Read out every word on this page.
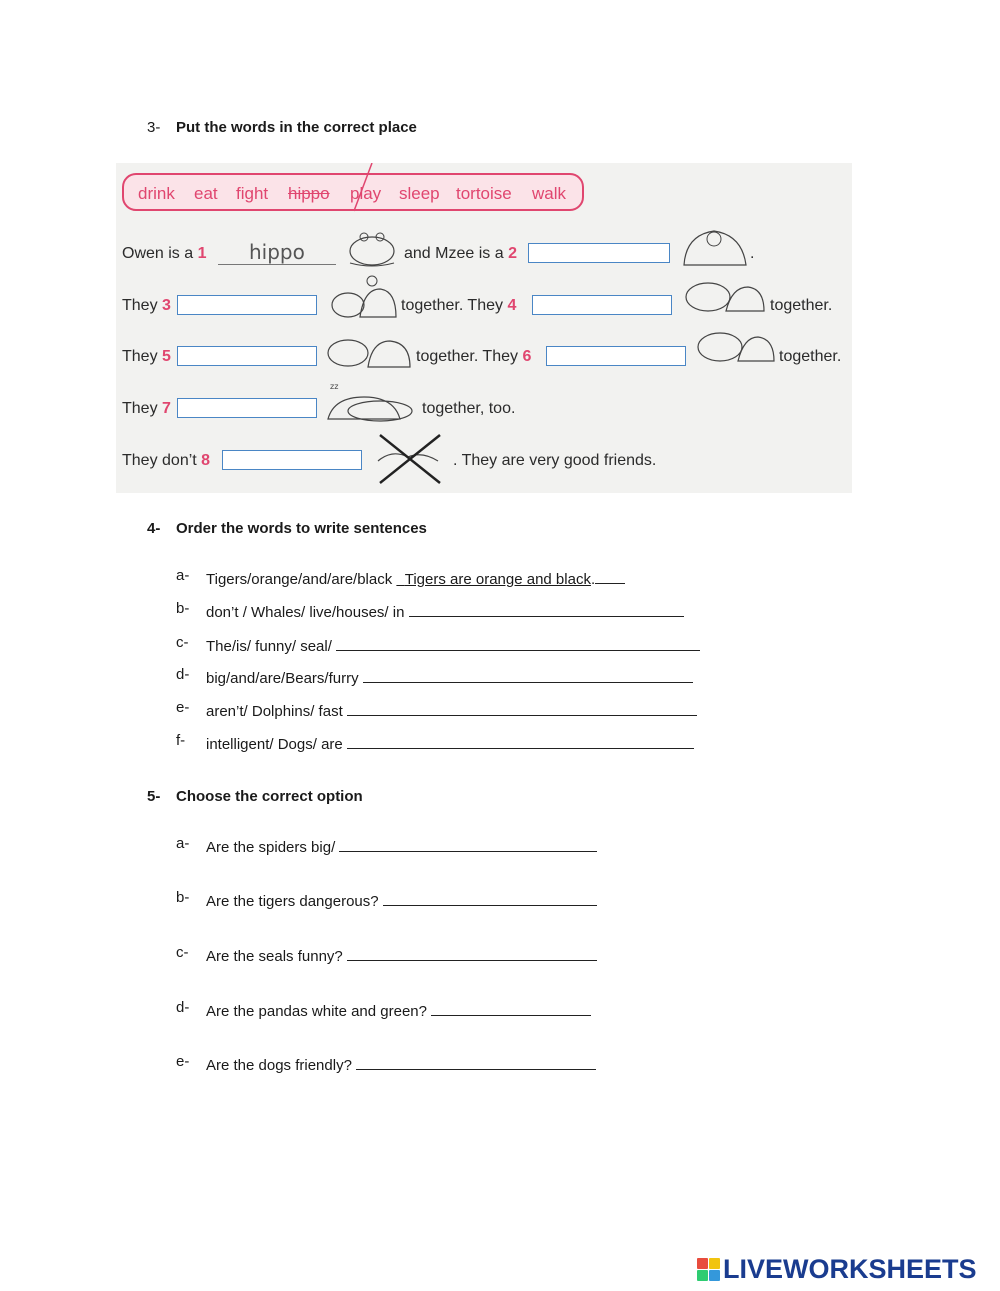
3- Put the words in the correct place
drink eat fight hippo play sleep tortoise walk
Owen is a 1 hippo	and Mzee is a 2	.
They 3	together. They 4	together.
They 5	together. They 6	together.
They 7
zz
together, too.
They don’t 8	. They are very good friends.
4- Order the words to write sentences
a- Tigers/orange/and/are/black Tigers are orange and black.
b- don’t / Whales/ live/houses/ in
c- The/is/ funny/ seal/
d- big/and/are/Bears/furry
e- aren’t/ Dolphins/ fast
f- intelligent/ Dogs/ are
5- Choose the correct option
a- Are the spiders big/
b- Are the tigers dangerous?
c- Are the seals funny?
d- Are the pandas white and green?
e- Are the dogs friendly?
LIVEWORKSHEETS
